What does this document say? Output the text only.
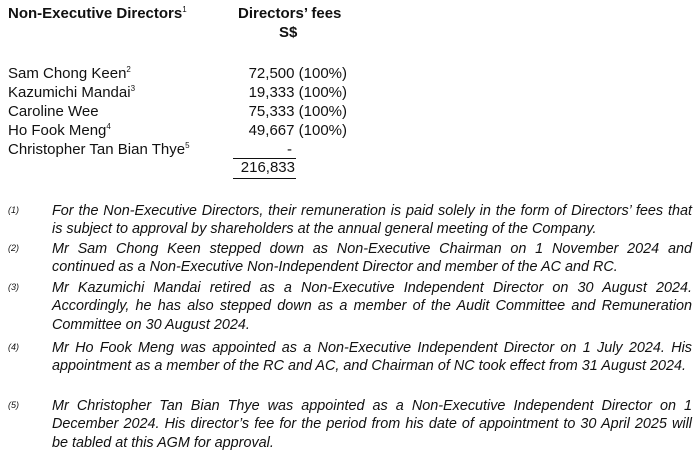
Non-Executive Directors$^1$	Directors’ fees
S$
Sam Chong Keen$^2$	72,500 (100%)
Kazumichi Mandai$^3$	19,333 (100%)
Caroline Wee	75,333 (100%)
Ho Fook Meng$^4$	49,667 (100%)
Christopher Tan Bian Thye$^5$	-
216,833
(1) For the Non-Executive Directors, their remuneration is paid solely in the form of Directors’ fees that is subject to approval by shareholders at the annual general meeting of the Company.
(2) Mr Sam Chong Keen stepped down as Non-Executive Chairman on 1 November 2024 and continued as a Non-Executive Non-Independent Director and member of the AC and RC.
(3) Mr Kazumichi Mandai retired as a Non-Executive Independent Director on 30 August 2024. Accordingly, he has also stepped down as a member of the Audit Committee and Remuneration Committee on 30 August 2024.
(4) Mr Ho Fook Meng was appointed as a Non-Executive Independent Director on 1 July 2024. His appointment as a member of the RC and AC, and Chairman of NC took effect from 31 August 2024.
(5) Mr Christopher Tan Bian Thye was appointed as a Non-Executive Independent Director on 1 December 2024. His director’s fee for the period from his date of appointment to 30 April 2025 will be tabled at this AGM for approval.
